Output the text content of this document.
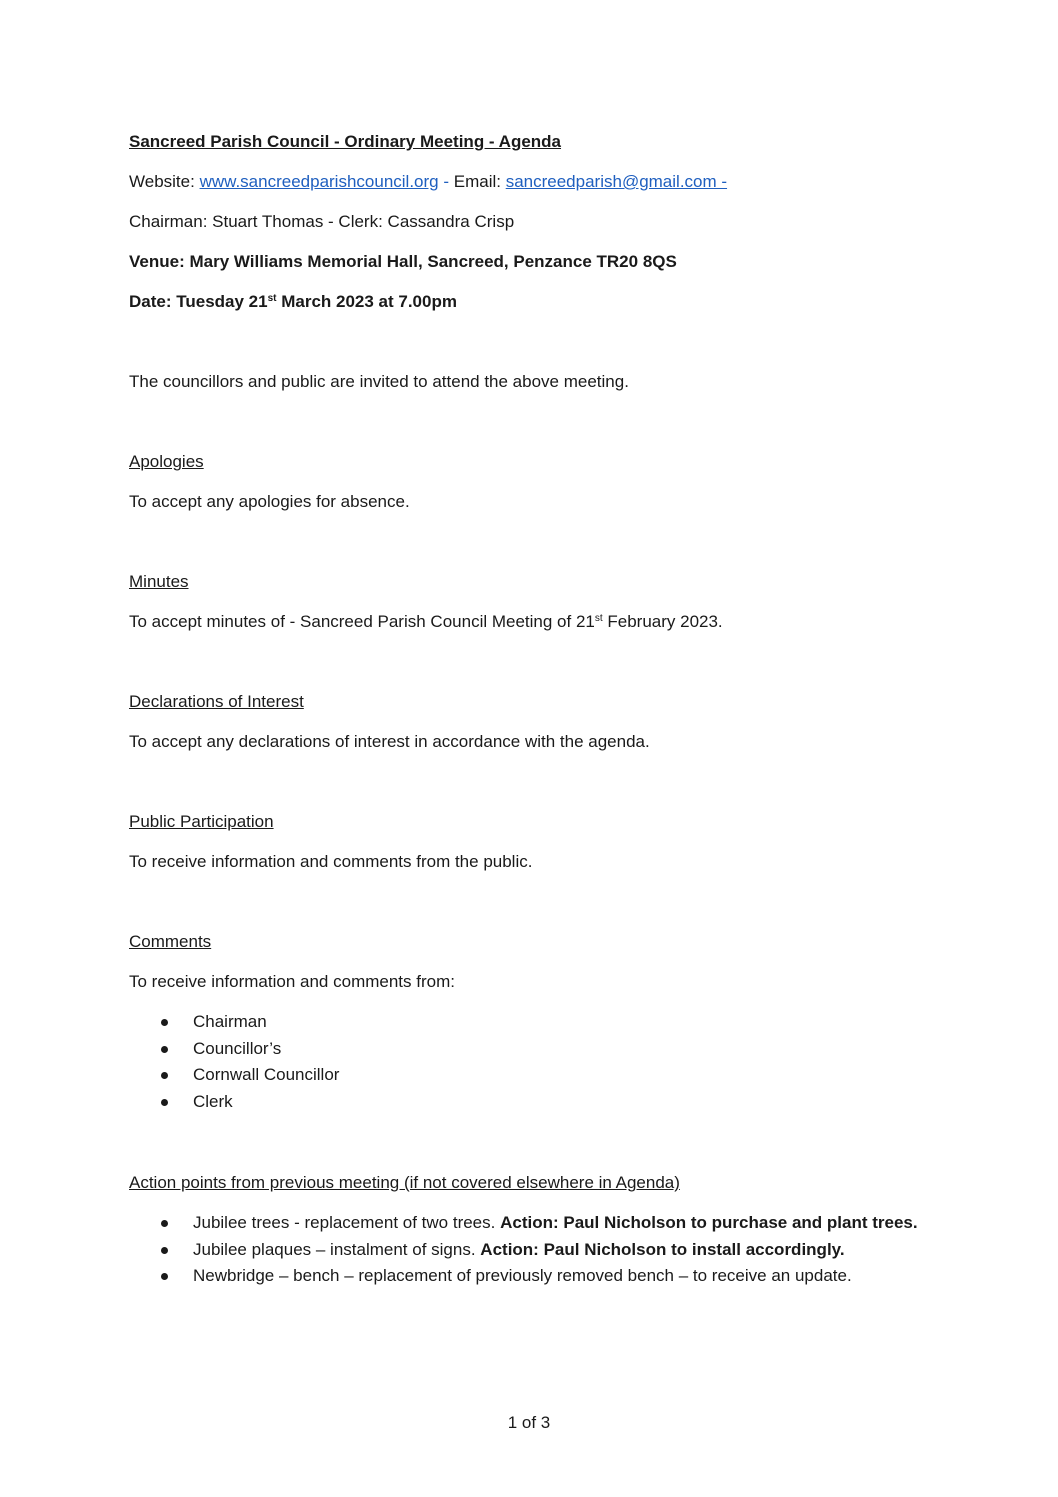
Sancreed Parish Council - Ordinary Meeting - Agenda
Website: www.sancreedparishcouncil.org - Email: sancreedparish@gmail.com -
Chairman: Stuart Thomas - Clerk: Cassandra Crisp
Venue: Mary Williams Memorial Hall, Sancreed, Penzance TR20 8QS
Date: Tuesday 21st March 2023 at 7.00pm
The councillors and public are invited to attend the above meeting.
Apologies
To accept any apologies for absence.
Minutes
To accept minutes of - Sancreed Parish Council Meeting of 21st February 2023.
Declarations of Interest
To accept any declarations of interest in accordance with the agenda.
Public Participation
To receive information and comments from the public.
Comments
To receive information and comments from:
Chairman
Councillor’s
Cornwall Councillor
Clerk
Action points from previous meeting (if not covered elsewhere in Agenda)
Jubilee trees - replacement of two trees. Action: Paul Nicholson to purchase and plant trees.
Jubilee plaques – instalment of signs. Action: Paul Nicholson to install accordingly.
Newbridge – bench – replacement of previously removed bench – to receive an update.
1 of 3
